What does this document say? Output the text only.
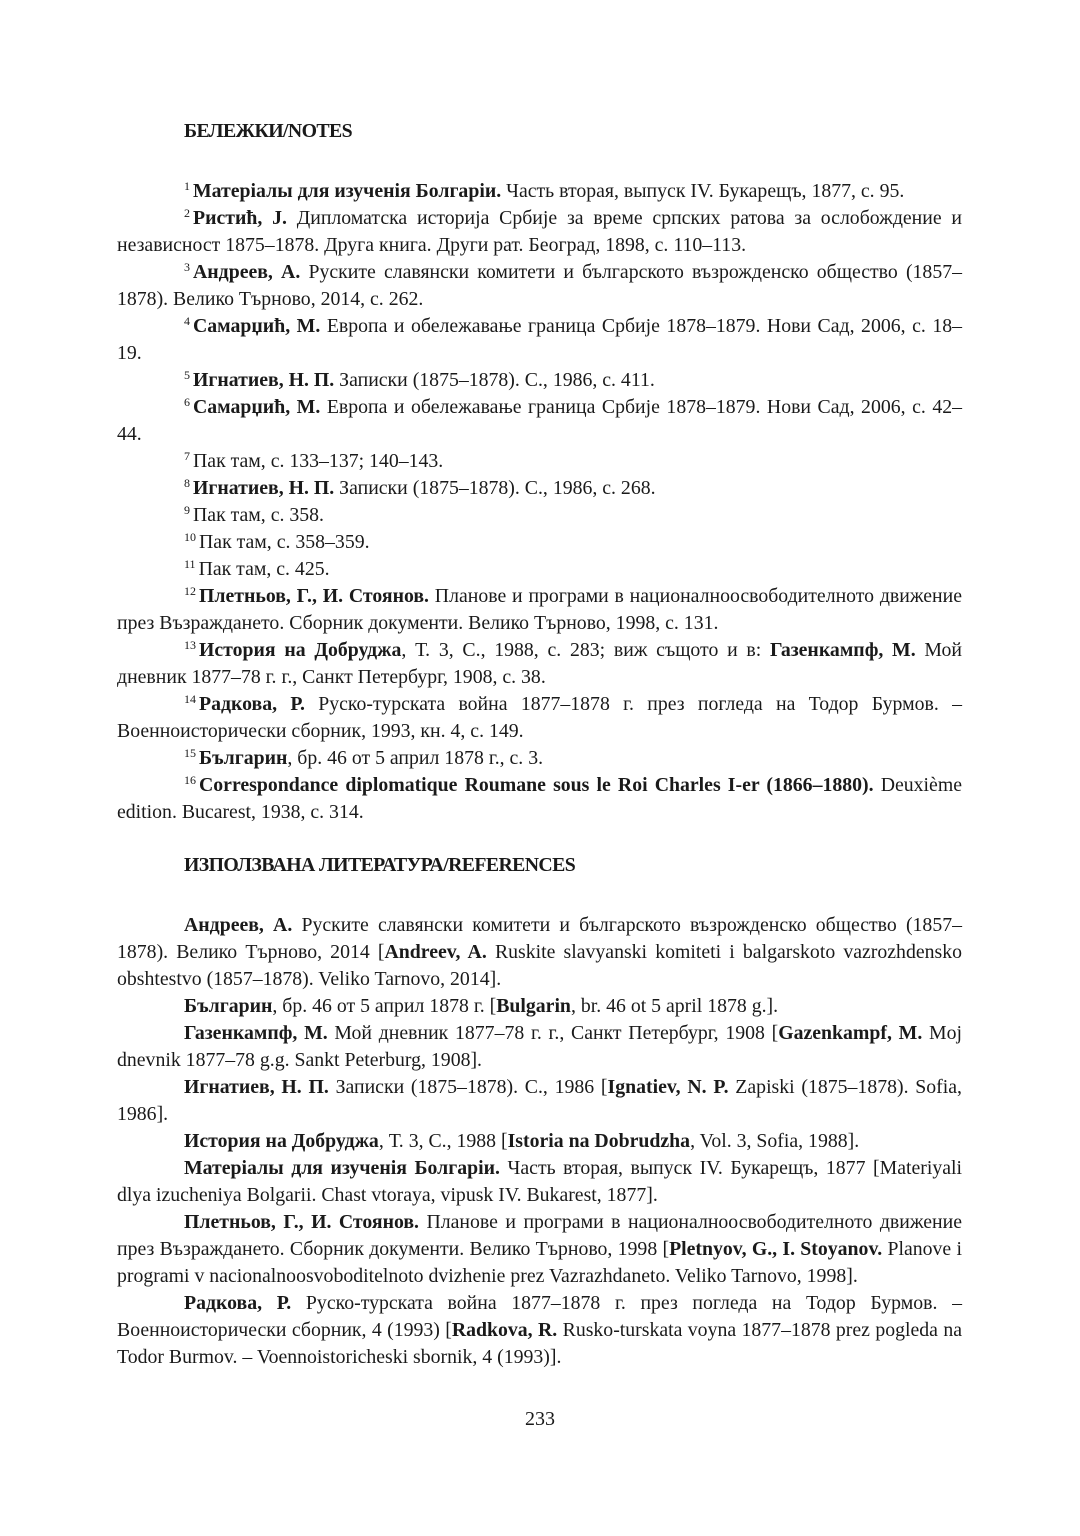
БЕЛЕЖКИ/NOTES

$^1$ Матеріалы для изученія Болгаріи. Часть вторая, выпуск IV. Букарещъ, 1877, с. 95.

$^2$ Ристић, J. Дипломатска историја Србије за време српских ратова за ослобождение и независност 1875–1878. Друга книга. Други рат. Београд, 1898, с. 110–113.

$^3$ Андреев, А. Руските славянски комитети и българското възрожденско общество (1857–1878). Велико Търново, 2014, с. 262.

$^4$ Самарџић, М. Европа и обележавање граница Србије 1878–1879. Нови Сад, 2006, с. 18–19.

$^5$ Игнатиев, Н. П. Записки (1875–1878). С., 1986, с. 411.

$^6$ Самарџић, М. Европа и обележавање граница Србије 1878–1879. Нови Сад, 2006, с. 42–44.

$^7$ Пак там, с. 133–137; 140–143.

$^8$ Игнатиев, Н. П. Записки (1875–1878). С., 1986, с. 268.

$^9$ Пак там, с. 358.

$^{10}$ Пак там, с. 358–359.

$^{11}$ Пак там, с. 425.

$^{12}$ Плетньов, Г., И. Стоянов. Планове и програми в националноосвободителното движение през Възраждането. Сборник документи. Велико Търново, 1998, с. 131.

$^{13}$ История на Добруджа, Т. 3, С., 1988, с. 283; виж същото и в: Газенкампф, М. Мой дневник 1877–78 г. г., Санкт Петербург, 1908, с. 38.

$^{14}$ Радкова, Р. Руско-турската война 1877–1878 г. през погледа на Тодор Бурмов. – Военноисторически сборник, 1993, кн. 4, с. 149.

$^{15}$ Българин, бр. 46 от 5 април 1878 г., с. 3.

$^{16}$ Correspondance diplomatique Roumane sous le Roi Charles I-er (1866–1880). Deuxième edition. Bucarest, 1938, c. 314.

ИЗПОЛЗВАНА ЛИТЕРАТУРА/REFERENCES

Андреев, А. Руските славянски комитети и българското възрожденско общество (1857–1878). Велико Търново, 2014 [Andreev, A. Ruskite slavyanski komiteti i balgarskoto vazrozhdensko obshtestvo (1857–1878). Veliko Tarnovo, 2014].

Българин, бр. 46 от 5 април 1878 г. [Bulgarin, br. 46 ot 5 april 1878 g.].

Газенкампф, М. Мой дневник 1877–78 г. г., Санкт Петербург, 1908 [Gazenkampf, M. Moj dnevnik 1877–78 g.g. Sankt Peterburg, 1908].

Игнатиев, Н. П. Записки (1875–1878). С., 1986 [Ignatiev, N. P. Zapiski (1875–1878). Sofia, 1986].

История на Добруджа, Т. 3, С., 1988 [Istoria na Dobrudzha, Vol. 3, Sofia, 1988].

Матеріалы для изученія Болгаріи. Часть вторая, выпуск IV. Букарещъ, 1877 [Materiyali dlya izucheniya Bolgarii. Chast vtoraya, vipusk IV. Bukarest, 1877].

Плетньов, Г., И. Стоянов. Планове и програми в националноосвободителното движение през Възраждането. Сборник документи. Велико Търново, 1998 [Pletnyov, G., I. Stoyanov. Planove i programi v nacionalnoosvoboditelnoto dvizhenie prez Vazrazhdaneto. Veliko Tarnovo, 1998].

Радкова, Р. Руско-турската война 1877–1878 г. през погледа на Тодор Бурмов. – Военноисторически сборник, 4 (1993) [Radkova, R. Rusko-turskata voyna 1877–1878 prez pogleda na Todor Burmov. – Voennoistoricheski sbornik, 4 (1993)].

233
